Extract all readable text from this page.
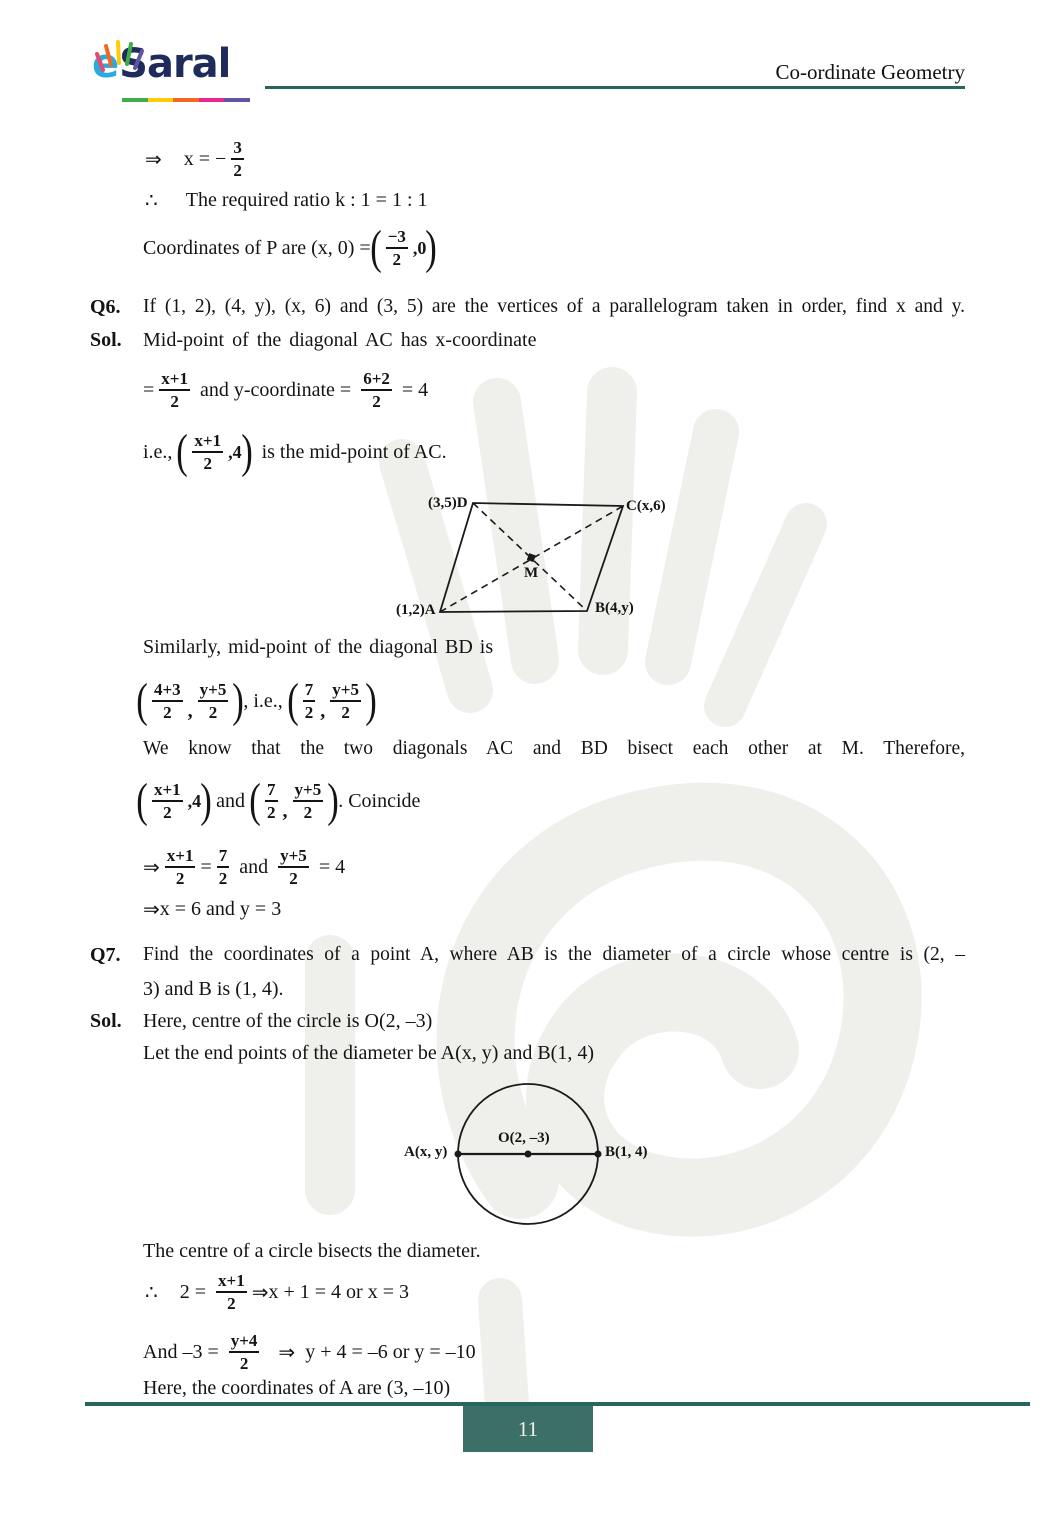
e Saral	Co-ordinate Geometry
⇒ x = − $\frac{3}{2}$
∴ The required ratio k : 1 = 1 : 1
Coordinates of P are (x, 0) = ( $\frac{-3}{2} ,0$ )
Q6. If (1, 2), (4, y), (x, 6) and (3, 5) are the vertices of a parallelogram taken in order, find x and y.
Sol. Mid-point of the diagonal AC has x-coordinate
= $\frac{x+1}{2}$ and y-coordinate = $\frac{6+2}{2} = 4$
i.e., ( $\frac{x+1}{2} ,4$ ) is the mid-point of AC.
(3,5)D	C(x,6)
(1,2)A	B(4,y)
M
Similarly, mid-point of the diagonal BD is
( $\frac{4+3}{2}$ , $\frac{y+5}{2}$ ) , i.e., ( $\frac{7}{2}$ , $\frac{y+5}{2}$ )
We know that the two diagonals AC and BD bisect each other at M. Therefore,
( $\frac{x+1}{2} ,4$ ) and ( $\frac{7}{2}$ , $\frac{y+5}{2}$ ) . Coincide
⇒ $\frac{x+1}{2} = \frac{7}{2}$ and $\frac{y+5}{2} = 4$
⇒ x = 6 and y = 3
Q7. Find the coordinates of a point A, where AB is the diameter of a circle whose centre is (2, –
3) and B is (1, 4).
Sol. Here, centre of the circle is O(2, –3)
Let the end points of the diameter be A(x, y) and B(1, 4)
A(x, y)
O(2, –3)
B(1, 4)
The centre of a circle bisects the diameter.
∴ $2 = \frac{x+1}{2}$ ⇒ x + 1 = 4 or x = 3
And $-3 = \frac{y+4}{2}$ ⇒ y + 4 = –6 or y = –10
Here, the coordinates of A are (3, –10)
11
